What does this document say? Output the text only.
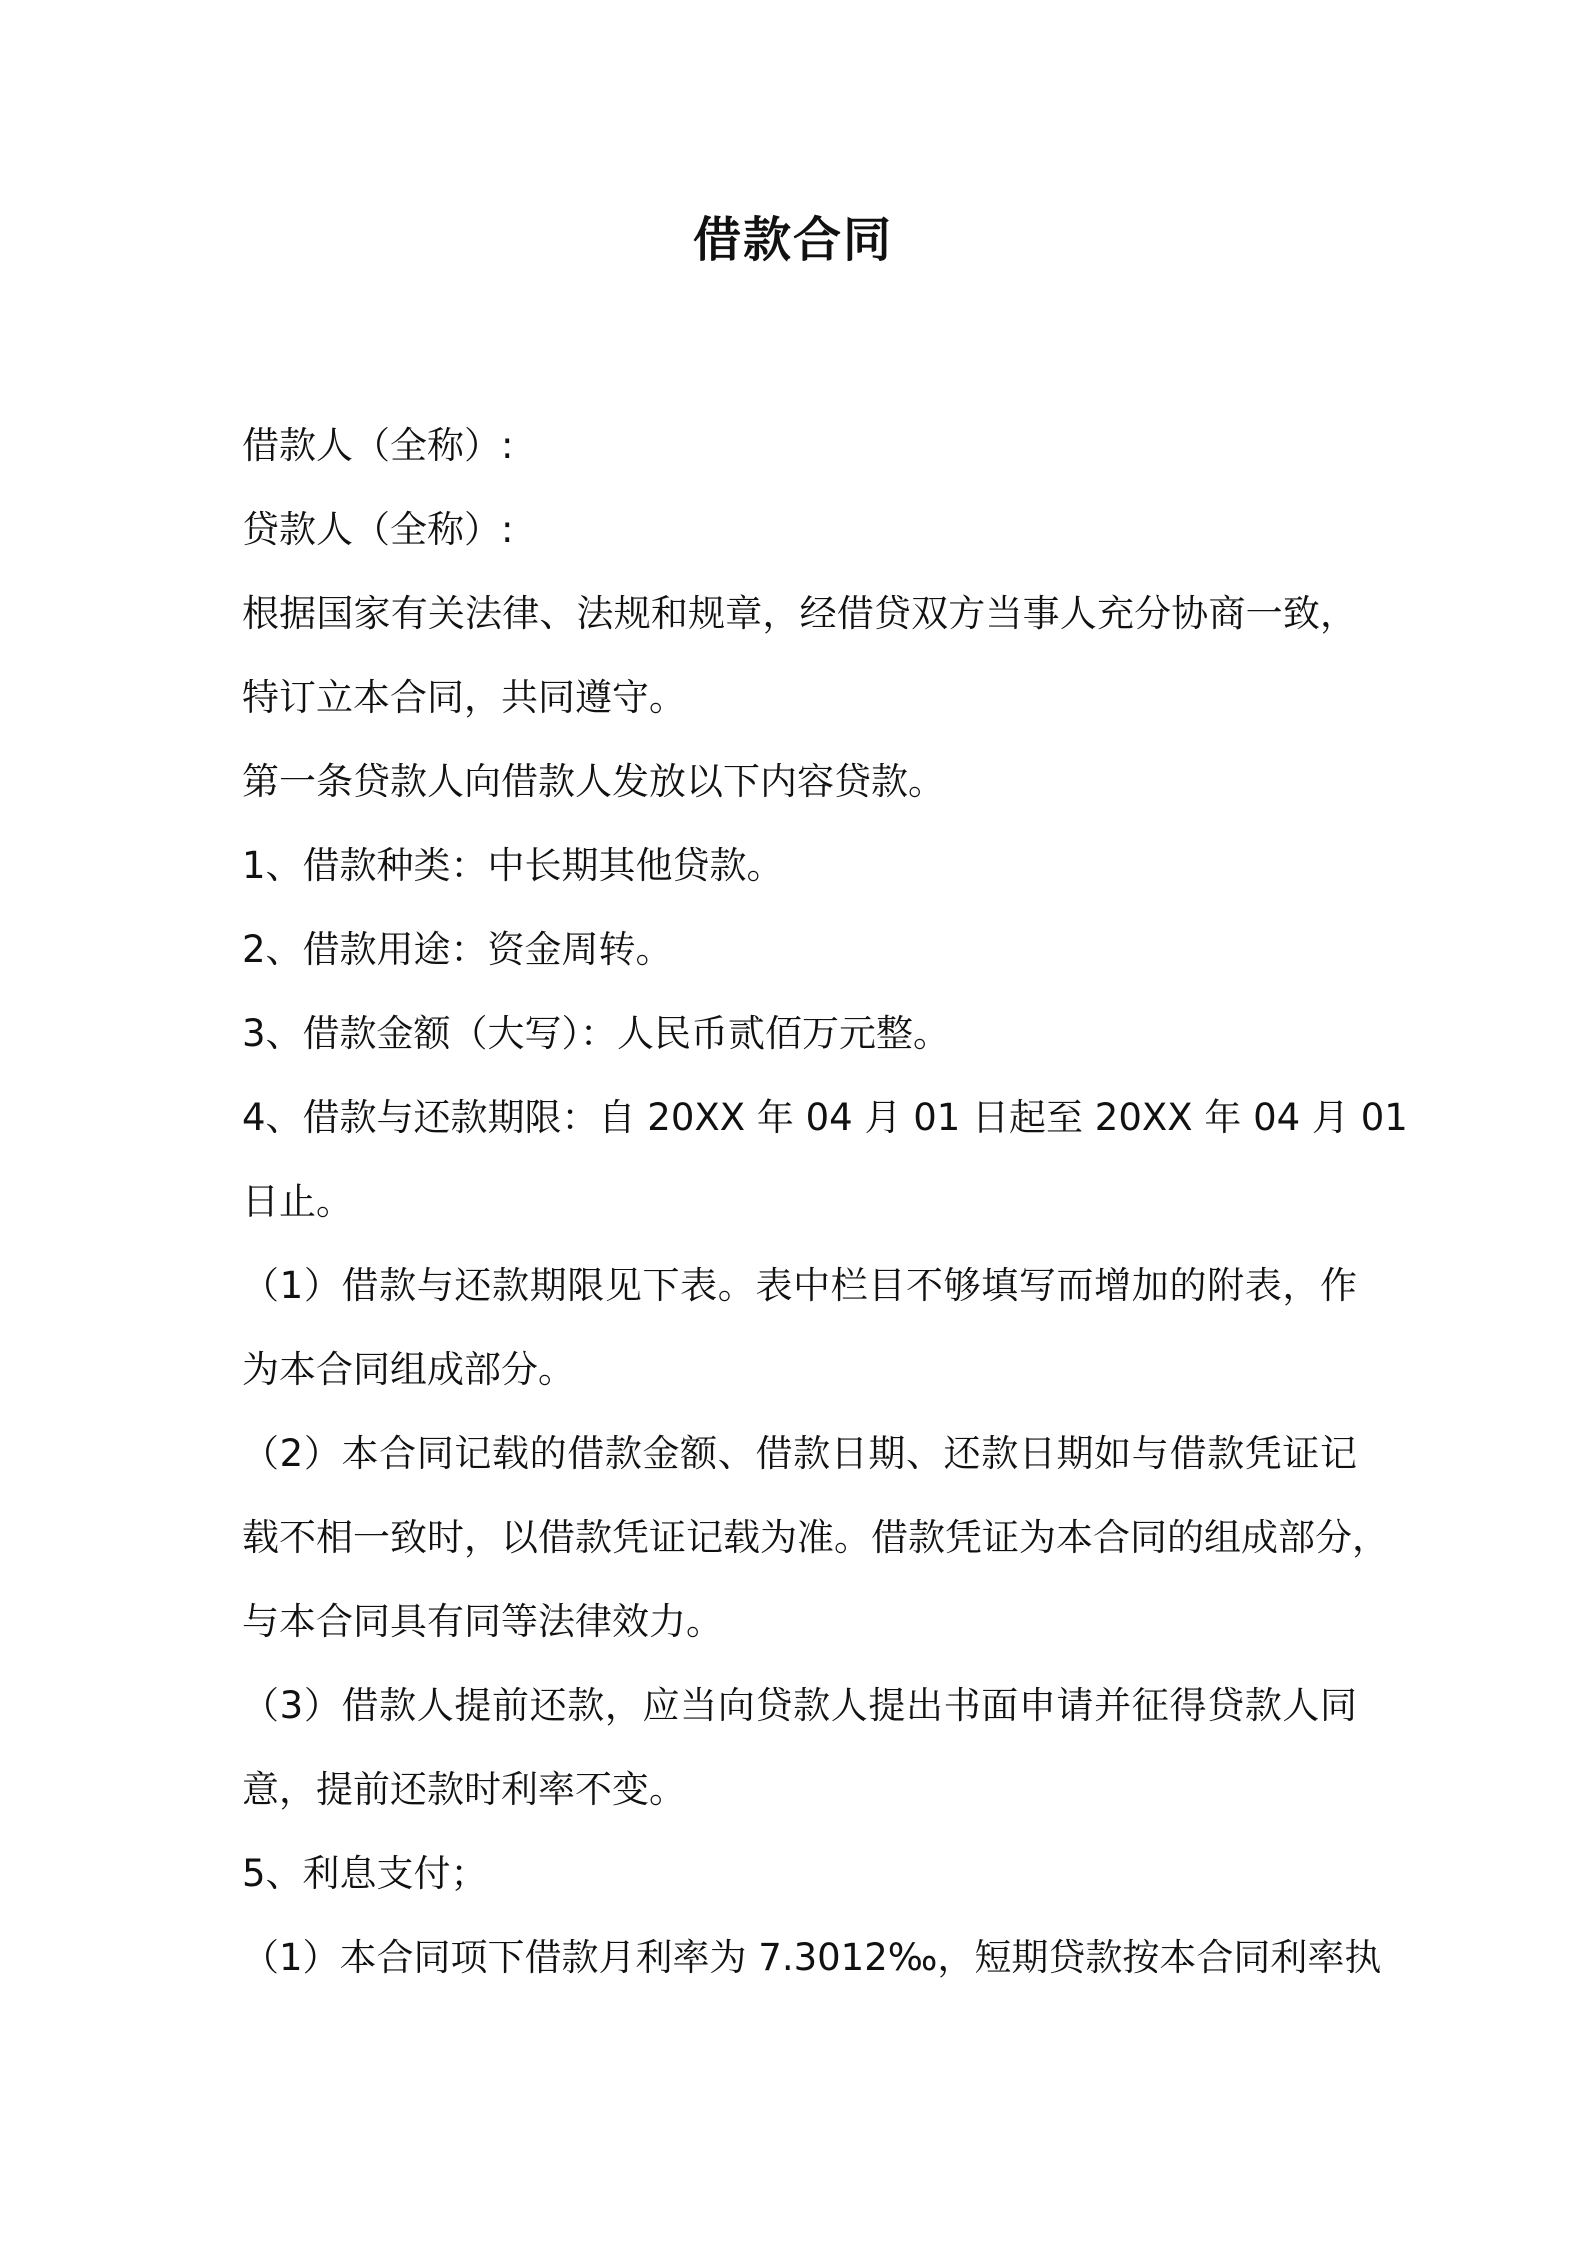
借款合同
借款人（全称）:
贷款人（全称）:
根据国家有关法律、法规和规章，经借贷双方当事人充分协商一致，
特订立本合同，共同遵守。
第一条贷款人向借款人发放以下内容贷款。
1、借款种类：中长期其他贷款。
2、借款用途：资金周转。
3、借款金额（大写）：人民币贰佰万元整。
4、借款与还款期限：自 20XX 年 04 月 01 日起至 20XX 年 04 月 01
日止。
（1）借款与还款期限见下表。表中栏目不够填写而增加的附表，作
为本合同组成部分。
（2）本合同记载的借款金额、借款日期、还款日期如与借款凭证记
载不相一致时，以借款凭证记载为准。借款凭证为本合同的组成部分，
与本合同具有同等法律效力。
（3）借款人提前还款，应当向贷款人提出书面申请并征得贷款人同
意，提前还款时利率不变。
5、利息支付；
（1）本合同项下借款月利率为 7.3012‰，短期贷款按本合同利率执
